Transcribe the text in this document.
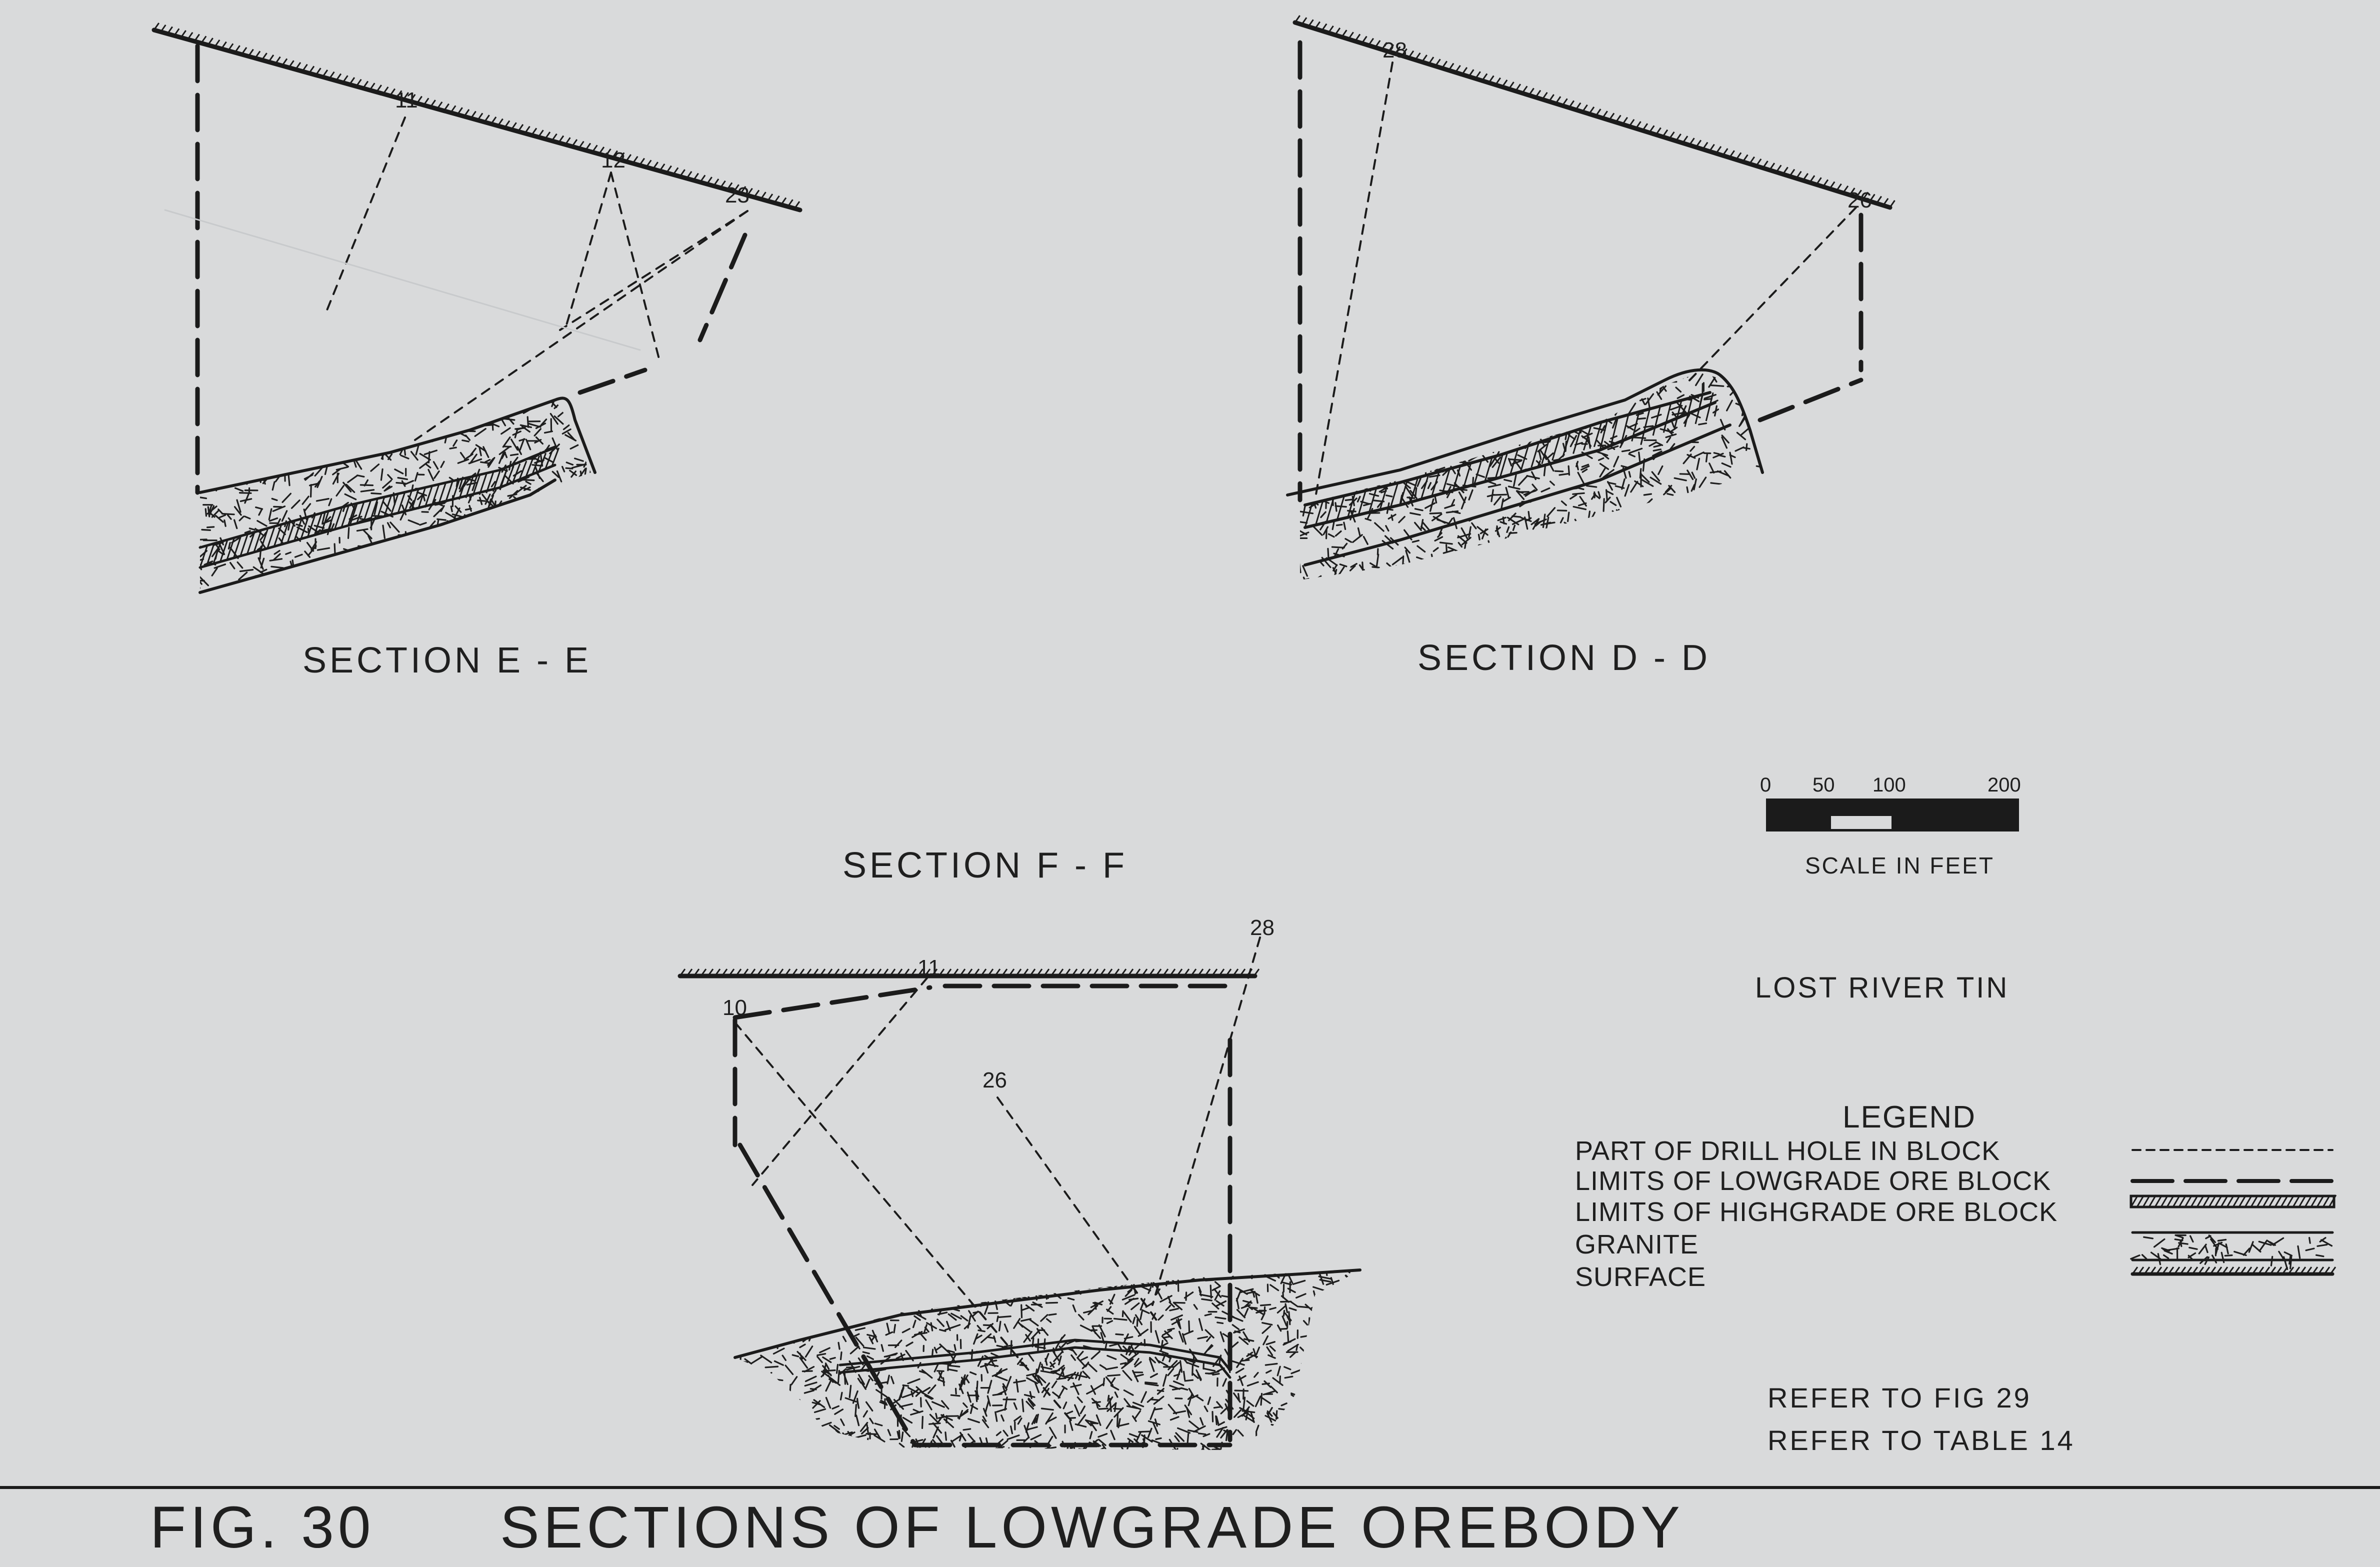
11
12
23
SECTION E - E
28
26
SECTION D - D
10
11
26
28
SECTION F - F
0 50 100	200
SCALE IN FEET
LOST RIVER TIN
LEGEND
PART OF DRILL HOLE IN BLOCK
LIMITS OF LOWGRADE ORE BLOCK
LIMITS OF HIGHGRADE ORE BLOCK
GRANITE
SURFACE
REFER TO FIG 29
REFER TO TABLE 14
FIG. 30 SECTIONS OF LOWGRADE OREBODY
